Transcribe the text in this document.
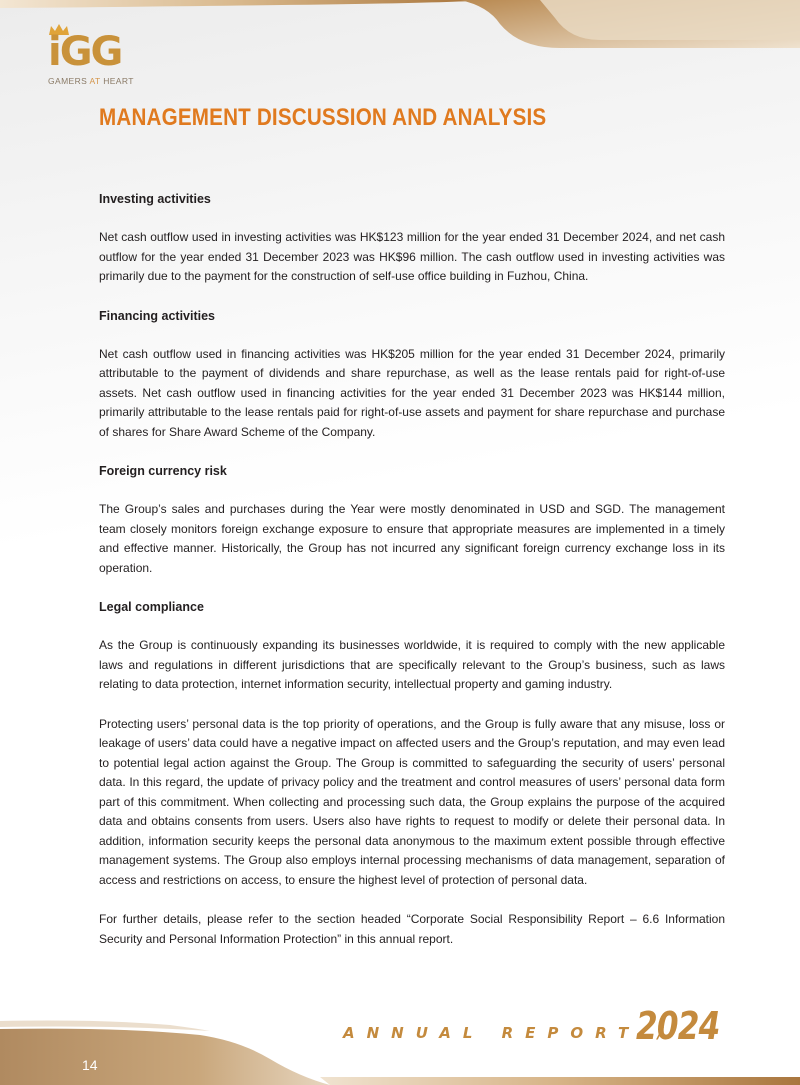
iGG
GAMERS AT HEART
MANAGEMENT DISCUSSION AND ANALYSIS
Investing activities

Net cash outflow used in investing activities was HK$123 million for the year ended 31 December 2024, and net cash outflow for the year ended 31 December 2023 was HK$96 million. The cash outflow used in investing activities was primarily due to the payment for the construction of self-use office building in Fuzhou, China.

Financing activities

Net cash outflow used in financing activities was HK$205 million for the year ended 31 December 2024, primarily attributable to the payment of dividends and share repurchase, as well as the lease rentals paid for right-of-use assets. Net cash outflow used in financing activities for the year ended 31 December 2023 was HK$144 million, primarily attributable to the lease rentals paid for right-of-use assets and payment for share repurchase and purchase of shares for Share Award Scheme of the Company.

Foreign currency risk

The Group’s sales and purchases during the Year were mostly denominated in USD and SGD. The management team closely monitors foreign exchange exposure to ensure that appropriate measures are implemented in a timely and effective manner. Historically, the Group has not incurred any significant foreign currency exchange loss in its operation.

Legal compliance

As the Group is continuously expanding its businesses worldwide, it is required to comply with the new applicable laws and regulations in different jurisdictions that are specifically relevant to the Group’s business, such as laws relating to data protection, internet information security, intellectual property and gaming industry.

Protecting users’ personal data is the top priority of operations, and the Group is fully aware that any misuse, loss or leakage of users’ data could have a negative impact on affected users and the Group’s reputation, and may even lead to potential legal action against the Group. The Group is committed to safeguarding the security of users’ personal data. In this regard, the update of privacy policy and the treatment and control measures of users’ personal data form part of this commitment. When collecting and processing such data, the Group explains the purpose of the acquired data and obtains consents from users. Users also have rights to request to modify or delete their personal data. In addition, information security keeps the personal data anonymous to the maximum extent possible through effective management systems. The Group also employs internal processing mechanisms of data management, separation of access and restrictions on access, to ensure the highest level of protection of personal data.

For further details, please refer to the section headed “Corporate Social Responsibility Report – 6.6 Information Security and Personal Information Protection” in this annual report.

ANNUAL REPORT /
2024
14
